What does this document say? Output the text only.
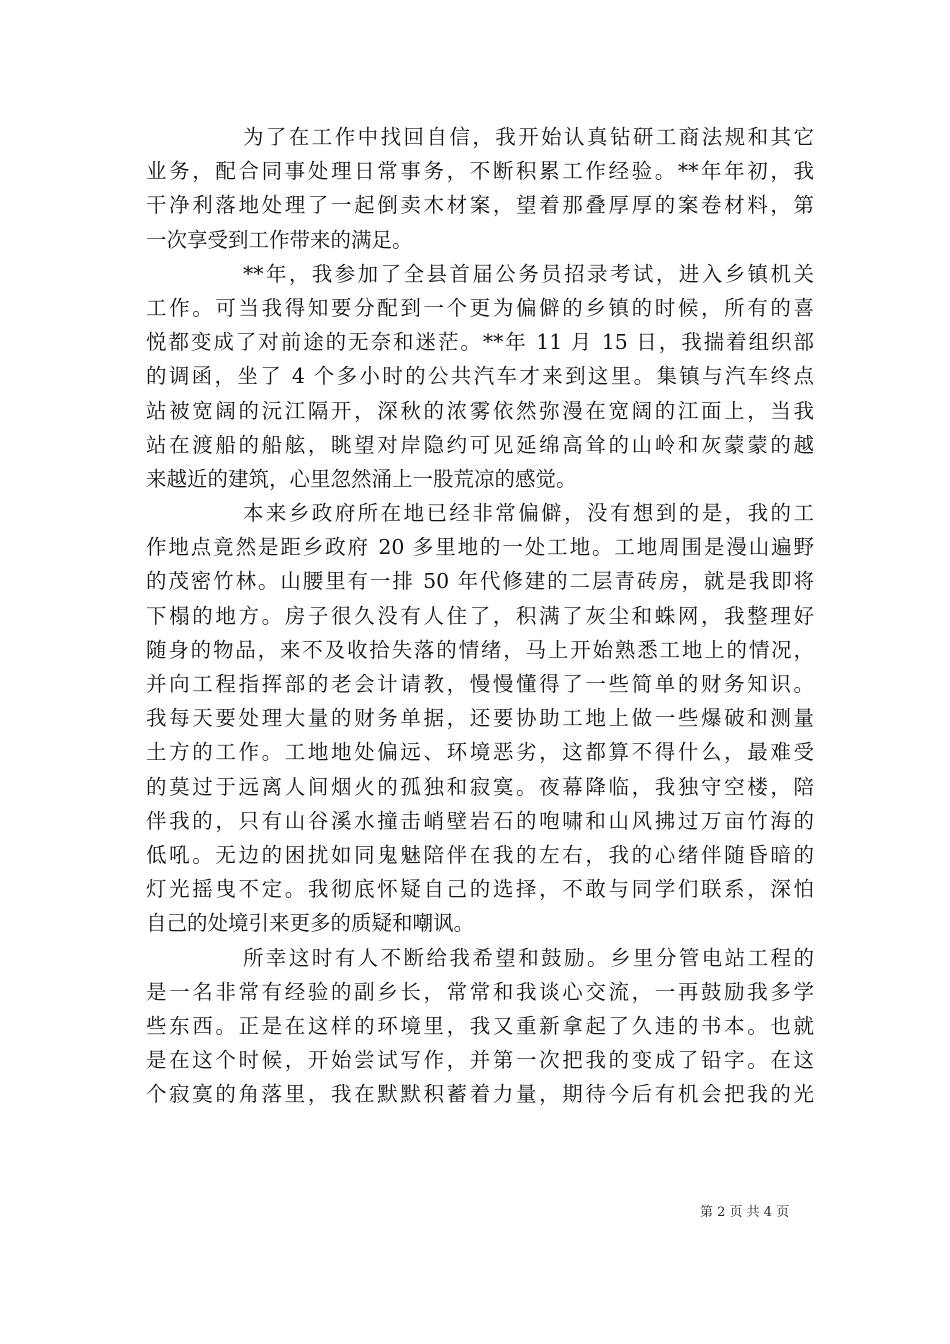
为了在工作中找回自信，我开始认真钻研工商法规和其它
业务，配合同事处理日常事务，不断积累工作经验。**年年初，我
干净利落地处理了一起倒卖木材案，望着那叠厚厚的案卷材料，第
一次享受到工作带来的满足。
**年，我参加了全县首届公务员招录考试，进入乡镇机关
工作。可当我得知要分配到一个更为偏僻的乡镇的时候，所有的喜
悦都变成了对前途的无奈和迷茫。**年 11 月 15 日，我揣着组织部
的调函，坐了 4 个多小时的公共汽车才来到这里。集镇与汽车终点
站被宽阔的沅江隔开，深秋的浓雾依然弥漫在宽阔的江面上，当我
站在渡船的船舷，眺望对岸隐约可见延绵高耸的山岭和灰蒙蒙的越
来越近的建筑，心里忽然涌上一股荒凉的感觉。
本来乡政府所在地已经非常偏僻，没有想到的是，我的工
作地点竟然是距乡政府 20 多里地的一处工地。工地周围是漫山遍野
的茂密竹林。山腰里有一排 50 年代修建的二层青砖房，就是我即将
下榻的地方。房子很久没有人住了，积满了灰尘和蛛网，我整理好
随身的物品，来不及收拾失落的情绪，马上开始熟悉工地上的情况，
并向工程指挥部的老会计请教，慢慢懂得了一些简单的财务知识。
我每天要处理大量的财务单据，还要协助工地上做一些爆破和测量
土方的工作。工地地处偏远、环境恶劣，这都算不得什么，最难受
的莫过于远离人间烟火的孤独和寂寞。夜幕降临，我独守空楼，陪
伴我的，只有山谷溪水撞击峭壁岩石的咆啸和山风拂过万亩竹海的
低吼。无边的困扰如同鬼魅陪伴在我的左右，我的心绪伴随昏暗的
灯光摇曳不定。我彻底怀疑自己的选择，不敢与同学们联系，深怕
自己的处境引来更多的质疑和嘲讽。
所幸这时有人不断给我希望和鼓励。乡里分管电站工程的
是一名非常有经验的副乡长，常常和我谈心交流，一再鼓励我多学
些东西。正是在这样的环境里，我又重新拿起了久违的书本。也就
是在这个时候，开始尝试写作，并第一次把我的变成了铅字。在这
个寂寞的角落里，我在默默积蓄着力量，期待今后有机会把我的光
第 2 页 共 4 页
